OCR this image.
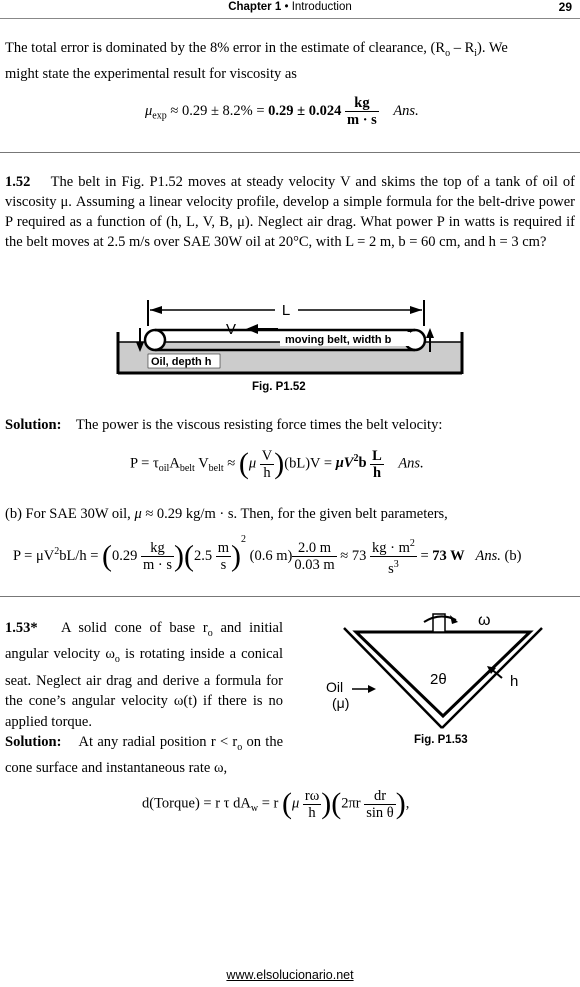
Chapter 1 • Introduction	29
The total error is dominated by the 8% error in the estimate of clearance, $(R_o - R_i)$. We
might state the experimental result for viscosity as
$\mu_{exp} \approx 0.29 \pm 8.2\% = 0.29 \pm 0.024 \frac{kg}{m \cdot s}$ Ans.
1.52 The belt in Fig. P1.52 moves at steady velocity V and skims the top of a tank of oil of viscosity μ. Assuming a linear velocity profile, develop a simple formula for the belt-drive power P required as a function of (h, L, V, B, μ). Neglect air drag. What power P in watts is required if the belt moves at 2.5 m/s over SAE 30W oil at 20°C, with L = 2 m, b = 60 cm, and h = 3 cm?
L
V
moving belt, width b
Oil, depth h
Fig. P1.52
Solution: The power is the viscous resisting force times the belt velocity:
$P = \tau_{oil}A_{belt}$ $V_{belt} \approx (\mu \frac{V}{h} )(bL)V = \mu V^2b \frac{L}{h}$ Ans.
(b) For SAE 30W oil, μ ≈ 0.29 kg/m · s. Then, for the given belt parameters,
$P = \mu V^2bL/h = (0.29 \frac{kg}{m \cdot s} )(2.5 \frac{m}{s} )^2$ (0.6 $m) \frac{2.0 m}{0.03 m} \approx 73 \frac{kg \cdot m^2}{s^3} = 73$ W Ans. (b)
1.53* A solid cone of base $r_o$ and initial angular velocity $\omega_o$ is rotating inside a conical seat. Neglect air drag and derive a formula for the cone’s angular velocity ω(t) if there is no applied torque.
ω
2θ	h
Oil
(μ)
Fig. P1.53
Solution: At any radial position $r < r_o$ on the cone surface and instantaneous rate ω,
d(Torque) = r τ $dA_w = r$ $(\mu \frac{r\omega}{h} )(2\pi r \frac{dr}{\text{sin θ}}$ ),
www.elsolucionario.net
